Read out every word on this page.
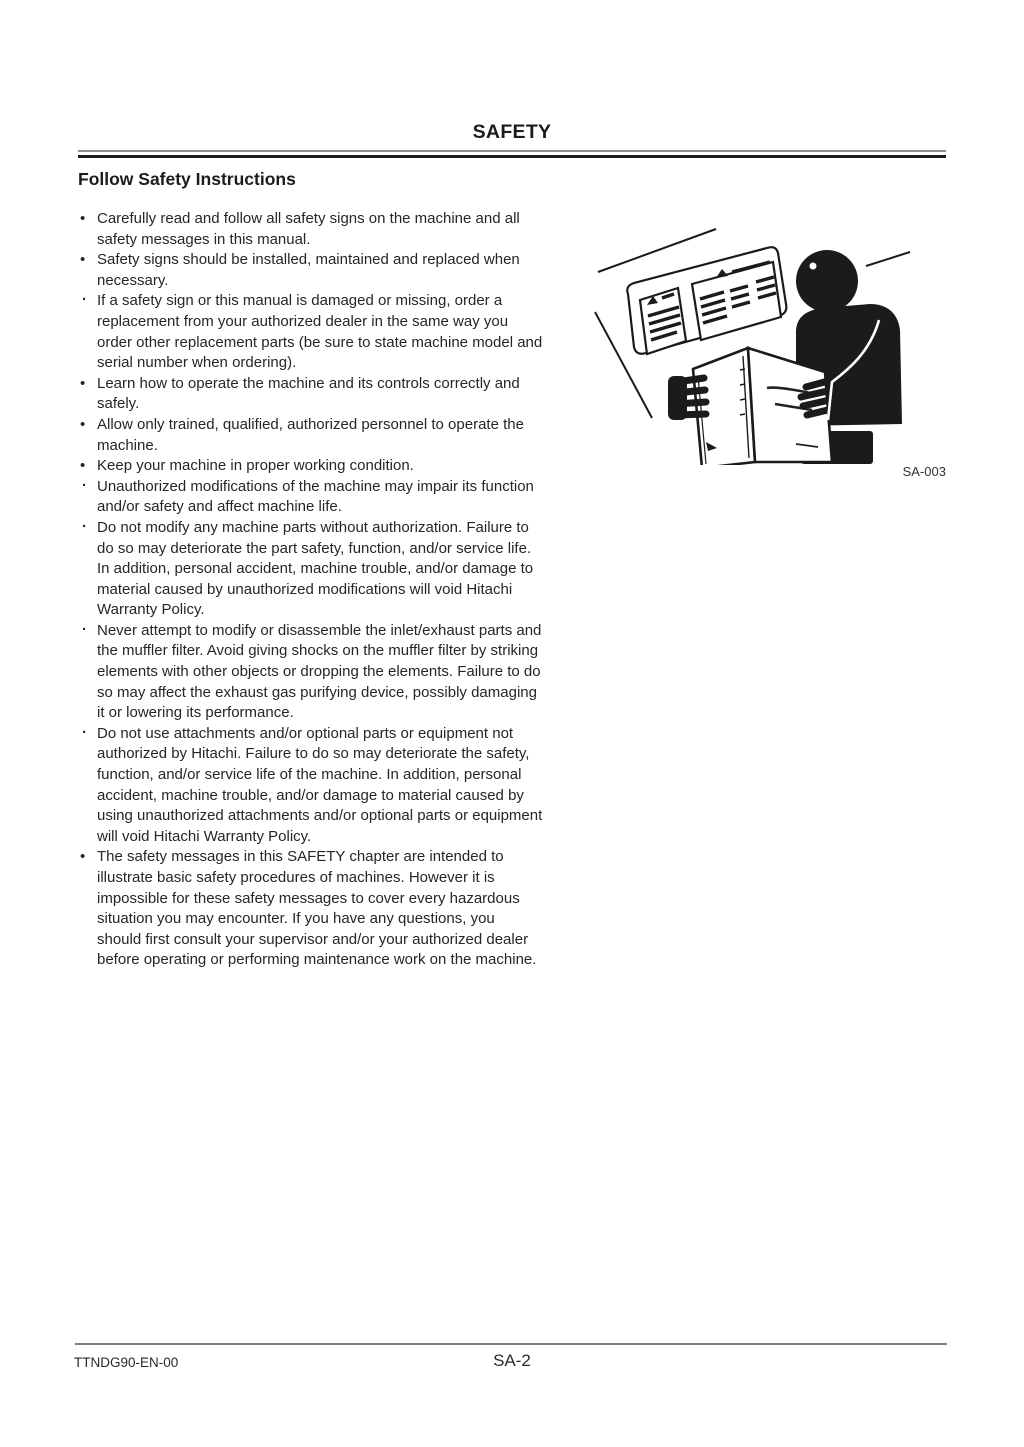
SAFETY
Follow Safety Instructions
• Carefully read and follow all safety signs on the machine and all safety messages in this manual.
• Safety signs should be installed, maintained and replaced when necessary.
· If a safety sign or this manual is damaged or missing, order a replacement from your authorized dealer in the same way you order other replacement parts (be sure to state machine model and serial number when ordering).
• Learn how to operate the machine and its controls correctly and safely.
• Allow only trained, qualified, authorized personnel to operate the machine.
• Keep your machine in proper working condition.
· Unauthorized modifications of the machine may impair its function and/or safety and affect machine life.
· Do not modify any machine parts without authorization. Failure to do so may deteriorate the part safety, function, and/or service life. In addition, personal accident, machine trouble, and/or damage to material caused by unauthorized modifications will void Hitachi Warranty Policy.
· Never attempt to modify or disassemble the inlet/exhaust parts and the muffler filter. Avoid giving shocks on the muffler filter by striking elements with other objects or dropping the elements. Failure to do so may affect the exhaust gas purifying device, possibly damaging it or lowering its performance.
· Do not use attachments and/or optional parts or equipment not authorized by Hitachi. Failure to do so may deteriorate the safety, function, and/or service life of the machine. In addition, personal accident, machine trouble, and/or damage to material caused by using unauthorized attachments and/or optional parts or equipment will void Hitachi Warranty Policy.
• The safety messages in this SAFETY chapter are intended to illustrate basic safety procedures of machines. However it is impossible for these safety messages to cover every hazardous situation you may encounter. If you have any questions, you should first consult your supervisor and/or your authorized dealer before operating or performing maintenance work on the machine.
SA-003
TTNDG90-EN-00	SA-2
